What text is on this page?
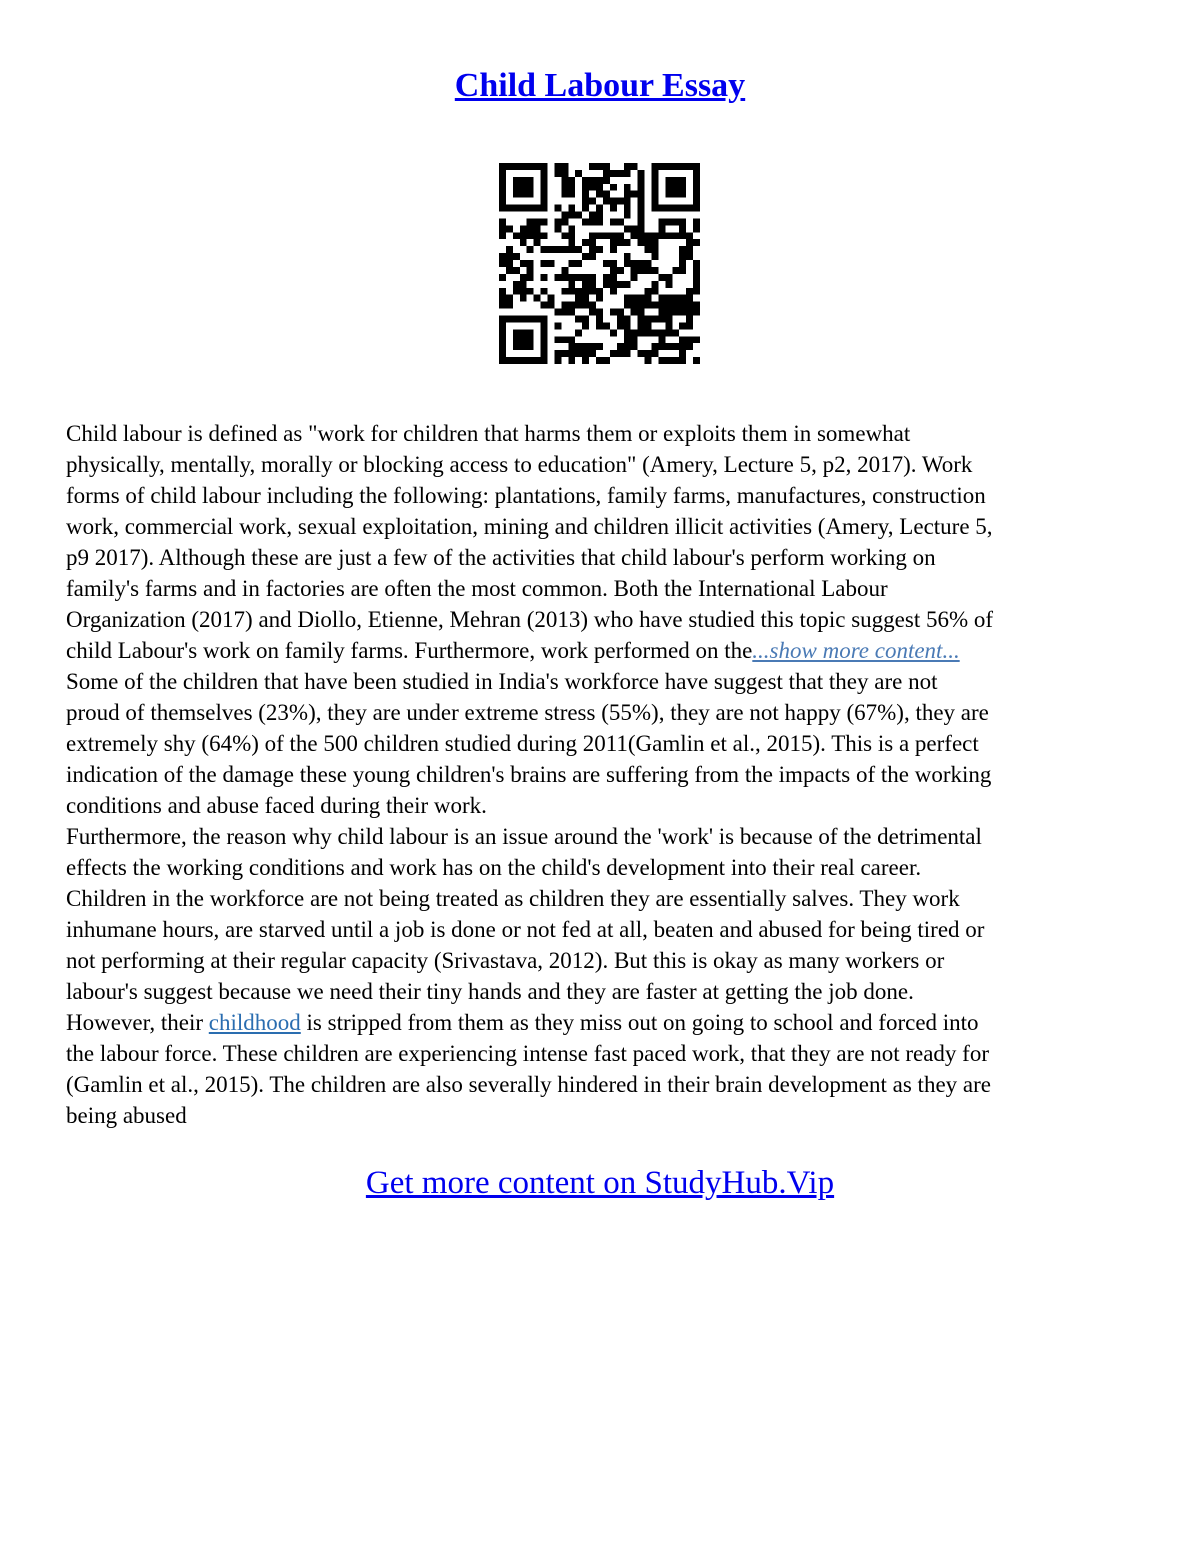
Child Labour Essay
Child labour is defined as "work for children that harms them or exploits them in somewhat
physically, mentally, morally or blocking access to education" (Amery, Lecture 5, p2, 2017). Work
forms of child labour including the following: plantations, family farms, manufactures, construction
work, commercial work, sexual exploitation, mining and children illicit activities (Amery, Lecture 5,
p9 2017). Although these are just a few of the activities that child labour's perform working on
family's farms and in factories are often the most common. Both the International Labour
Organization (2017) and Diollo, Etienne, Mehran (2013) who have studied this topic suggest 56% of
child Labour's work on family farms. Furthermore, work performed on the...show more content...
Some of the children that have been studied in India's workforce have suggest that they are not
proud of themselves (23%), they are under extreme stress (55%), they are not happy (67%), they are
extremely shy (64%) of the 500 children studied during 2011(Gamlin et al., 2015). This is a perfect
indication of the damage these young children's brains are suffering from the impacts of the working
conditions and abuse faced during their work.
Furthermore, the reason why child labour is an issue around the 'work' is because of the detrimental
effects the working conditions and work has on the child's development into their real career.
Children in the workforce are not being treated as children they are essentially salves. They work
inhumane hours, are starved until a job is done or not fed at all, beaten and abused for being tired or
not performing at their regular capacity (Srivastava, 2012). But this is okay as many workers or
labour's suggest because we need their tiny hands and they are faster at getting the job done.
However, their childhood is stripped from them as they miss out on going to school and forced into
the labour force. These children are experiencing intense fast paced work, that they are not ready for
(Gamlin et al., 2015). The children are also severally hindered in their brain development as they are
being abused
Get more content on StudyHub.Vip
